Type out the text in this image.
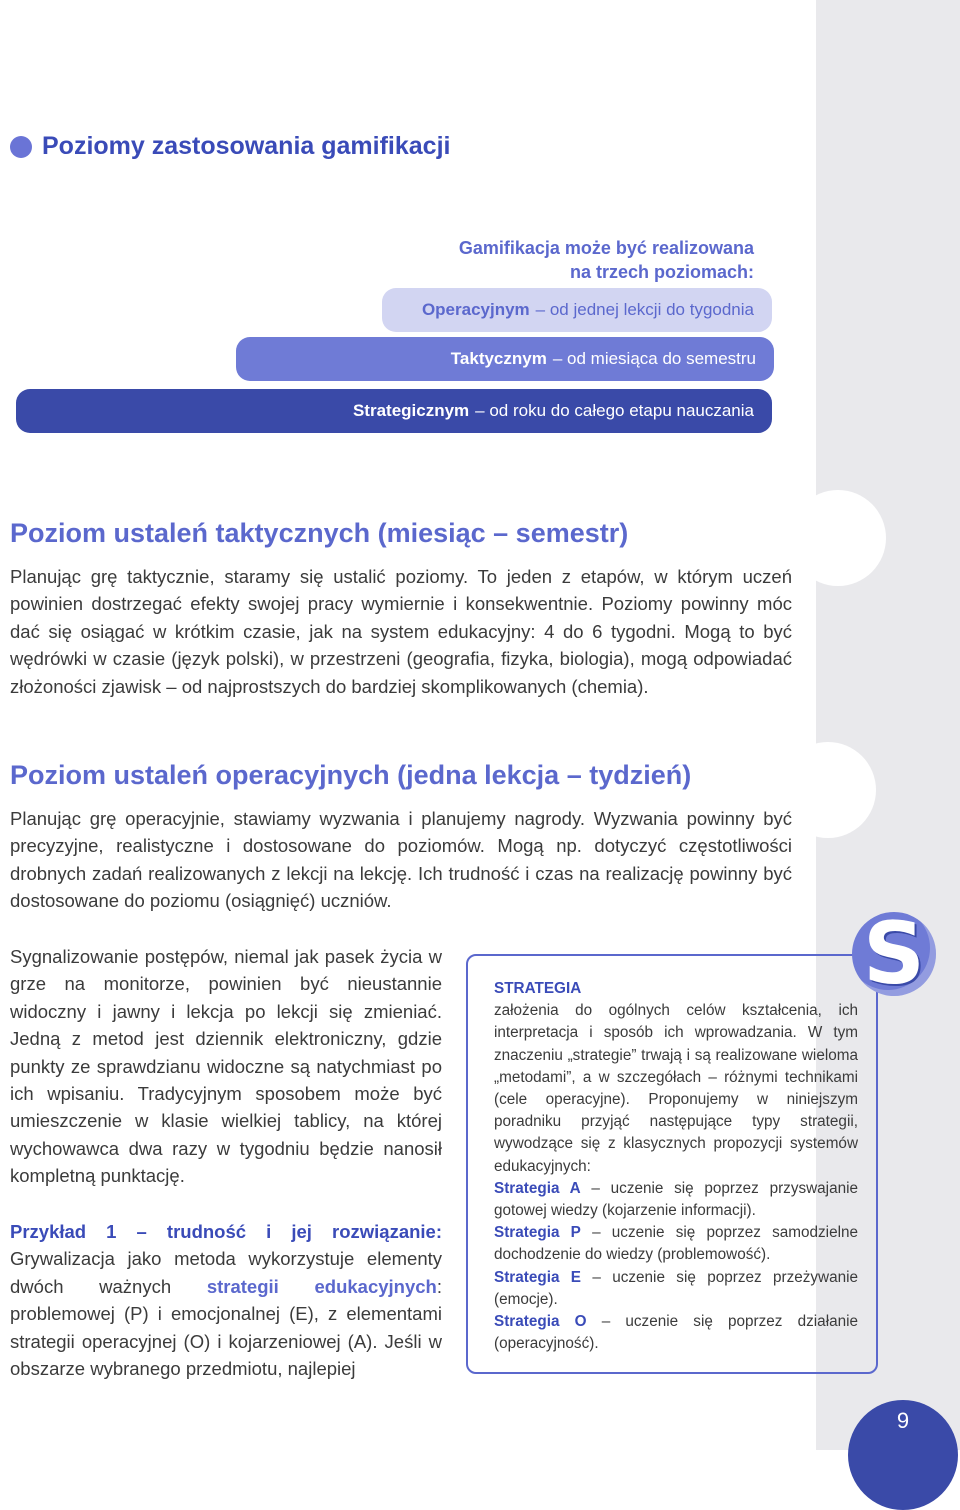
Poziomy zastosowania gamifikacji
Gamifikacja może być realizowana
na trzech poziomach:
Operacyjnym – od jednej lekcji do tygodnia
Taktycznym – od miesiąca do semestru
Strategicznym – od roku do całego etapu nauczania
Poziom ustaleń taktycznych (miesiąc – semestr)

Planując grę taktycznie, staramy się ustalić poziomy. To jeden z etapów, w którym uczeń powinien dostrzegać efekty swojej pracy wymiernie i konsekwentnie. Poziomy powinny móc dać się osiągać w krótkim czasie, jak na system edukacyjny: 4 do 6 tygodni. Mogą to być wędrówki w czasie (język polski), w przestrzeni (geografia, fizyka, biologia), mogą odpowiadać złożoności zjawisk – od najprostszych do bardziej skomplikowanych (chemia).

Poziom ustaleń operacyjnych (jedna lekcja – tydzień)

Planując grę operacyjnie, stawiamy wyzwania i planujemy nagrody. Wyzwania powinny być precyzyjne, realistyczne i dostosowane do poziomów. Mogą np. dotyczyć częstotliwości drobnych zadań realizowanych z lekcji na lekcję. Ich trudność i czas na realizację powinny być dostosowane do poziomu (osiągnięć) uczniów.

Sygnalizowanie postępów, niemal jak pasek życia w grze na monitorze, powinien być nieustannie widoczny i jawny i lekcja po lekcji się zmieniać. Jedną z metod jest dziennik elektroniczny, gdzie punkty ze sprawdzianu widoczne są natychmiast po ich wpisaniu. Tradycyjnym sposobem może być umieszczenie w klasie wielkiej tablicy, na której wychowawca dwa razy w tygodniu będzie nanosił kompletną punktację.

Przykład 1 – trudność i jej rozwiązanie: Grywalizacja jako metoda wykorzystuje elementy dwóch ważnych strategii edukacyjnych: problemowej (P) i emocjonalnej (E), z elementami strategii operacyjnej (O) i kojarzeniowej (A). Jeśli w obszarze wybranego przedmiotu, najlepiej

STRATEGIA

założenia do ogólnych celów kształcenia, ich interpretacja i sposób ich wprowadzania. W tym znaczeniu „strategie” trwają i są realizowane wieloma „metodami”, a w szczegółach – różnymi technikami (cele operacyjne). Proponujemy w niniejszym poradniku przyjąć następujące typy strategii, wywodzące się z klasycznych propozycji systemów edukacyjnych:

Strategia A – uczenie się poprzez przyswajanie gotowej wiedzy (kojarzenie informacji).

Strategia P – uczenie się poprzez samodzielne dochodzenie do wiedzy (problemowość).

Strategia E – uczenie się poprzez przeżywanie (emocje).

Strategia O – uczenie się poprzez działanie (operacyjność).

S
9
